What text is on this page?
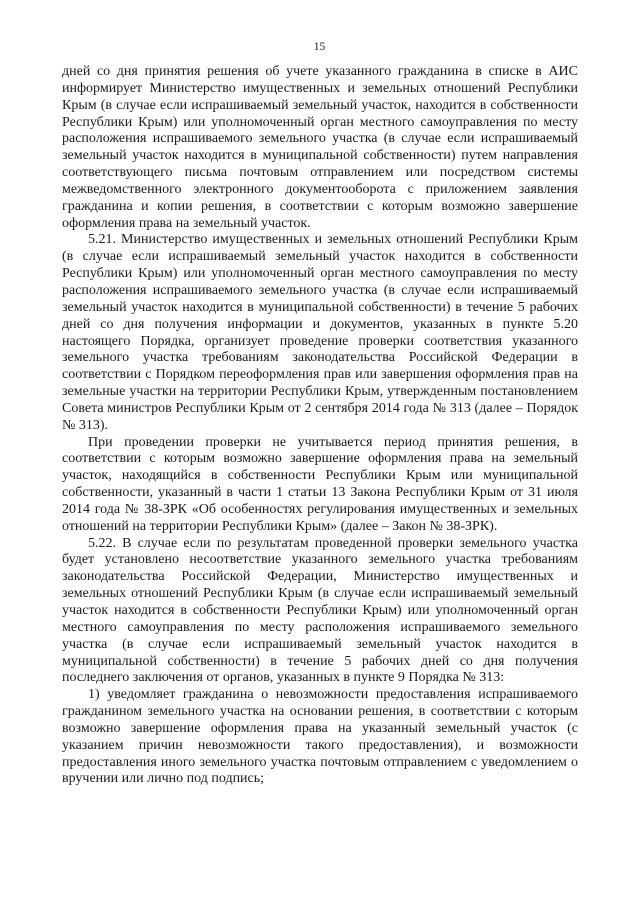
15

дней со дня принятия решения об учете указанного гражданина в списке в АИС информирует Министерство имущественных и земельных отношений Республики Крым (в случае если испрашиваемый земельный участок, находится в собственности Республики Крым) или уполномоченный орган местного самоуправления по месту расположения испрашиваемого земельного участка (в случае если испрашиваемый земельный участок находится в муниципальной собственности) путем направления соответствующего письма почтовым отправлением или посредством системы межведомственного электронного документооборота с приложением заявления гражданина и копии решения, в соответствии с которым возможно завершение оформления права на земельный участок.

5.21. Министерство имущественных и земельных отношений Республики Крым (в случае если испрашиваемый земельный участок находится в собственности Республики Крым) или уполномоченный орган местного самоуправления по месту расположения испрашиваемого земельного участка (в случае если испрашиваемый земельный участок находится в муниципальной собственности) в течение 5 рабочих дней со дня получения информации и документов, указанных в пункте 5.20 настоящего Порядка, организует проведение проверки соответствия указанного земельного участка требованиям законодательства Российской Федерации в соответствии с Порядком переоформления прав или завершения оформления прав на земельные участки на территории Республики Крым, утвержденным постановлением Совета министров Республики Крым от 2 сентября 2014 года № 313 (далее – Порядок № 313).

При проведении проверки не учитывается период принятия решения, в соответствии с которым возможно завершение оформления права на земельный участок, находящийся в собственности Республики Крым или муниципальной собственности, указанный в части 1 статьи 13 Закона Республики Крым от 31 июля 2014 года № 38-ЗРК «Об особенностях регулирования имущественных и земельных отношений на территории Республики Крым» (далее – Закон № 38-ЗРК).

5.22. В случае если по результатам проведенной проверки земельного участка будет установлено несоответствие указанного земельного участка требованиям законодательства Российской Федерации, Министерство имущественных и земельных отношений Республики Крым (в случае если испрашиваемый земельный участок находится в собственности Республики Крым) или уполномоченный орган местного самоуправления по месту расположения испрашиваемого земельного участка (в случае если испрашиваемый земельный участок находится в муниципальной собственности) в течение 5 рабочих дней со дня получения последнего заключения от органов, указанных в пункте 9 Порядка № 313:

1) уведомляет гражданина о невозможности предоставления испрашиваемого гражданином земельного участка на основании решения, в соответствии с которым возможно завершение оформления права на указанный земельный участок (с указанием причин невозможности такого предоставления), и возможности предоставления иного земельного участка почтовым отправлением с уведомлением о вручении или лично под подпись;
